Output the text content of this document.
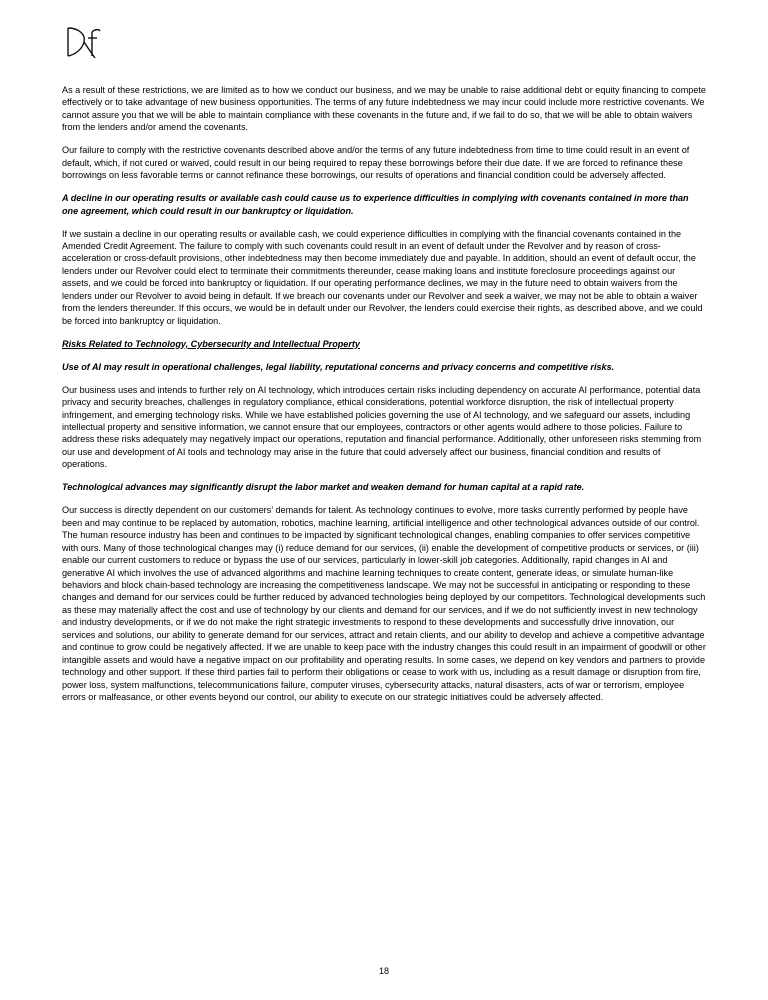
As a result of these restrictions, we are limited as to how we conduct our business, and we may be unable to raise additional debt or equity financing to compete effectively or to take advantage of new business opportunities. The terms of any future indebtedness we may incur could include more restrictive covenants. We cannot assure you that we will be able to maintain compliance with these covenants in the future and, if we fail to do so, that we will be able to obtain waivers from the lenders and/or amend the covenants.

Our failure to comply with the restrictive covenants described above and/or the terms of any future indebtedness from time to time could result in an event of default, which, if not cured or waived, could result in our being required to repay these borrowings before their due date. If we are forced to refinance these borrowings on less favorable terms or cannot refinance these borrowings, our results of operations and financial condition could be adversely affected.

A decline in our operating results or available cash could cause us to experience difficulties in complying with covenants contained in more than one agreement, which could result in our bankruptcy or liquidation.

If we sustain a decline in our operating results or available cash, we could experience difficulties in complying with the financial covenants contained in the Amended Credit Agreement. The failure to comply with such covenants could result in an event of default under the Revolver and by reason of cross-acceleration or cross-default provisions, other indebtedness may then become immediately due and payable. In addition, should an event of default occur, the lenders under our Revolver could elect to terminate their commitments thereunder, cease making loans and institute foreclosure proceedings against our assets, and we could be forced into bankruptcy or liquidation. If our operating performance declines, we may in the future need to obtain waivers from the lenders under our Revolver to avoid being in default. If we breach our covenants under our Revolver and seek a waiver, we may not be able to obtain a waiver from the lenders thereunder. If this occurs, we would be in default under our Revolver, the lenders could exercise their rights, as described above, and we could be forced into bankruptcy or liquidation.

Risks Related to Technology, Cybersecurity and Intellectual Property

Use of AI may result in operational challenges, legal liability, reputational concerns and privacy concerns and competitive risks.

Our business uses and intends to further rely on AI technology, which introduces certain risks including dependency on accurate AI performance, potential data privacy and security breaches, challenges in regulatory compliance, ethical considerations, potential workforce disruption, the risk of intellectual property infringement, and emerging technology risks. While we have established policies governing the use of AI technology, and we safeguard our assets, including intellectual property and sensitive information, we cannot ensure that our employees, contractors or other agents would adhere to those policies. Failure to address these risks adequately may negatively impact our operations, reputation and financial performance. Additionally, other unforeseen risks stemming from our use and development of AI tools and technology may arise in the future that could adversely affect our business, financial condition and results of operations.

Technological advances may significantly disrupt the labor market and weaken demand for human capital at a rapid rate.

Our success is directly dependent on our customers’ demands for talent. As technology continues to evolve, more tasks currently performed by people have been and may continue to be replaced by automation, robotics, machine learning, artificial intelligence and other technological advances outside of our control. The human resource industry has been and continues to be impacted by significant technological changes, enabling companies to offer services competitive with ours. Many of those technological changes may (i) reduce demand for our services, (ii) enable the development of competitive products or services, or (iii) enable our current customers to reduce or bypass the use of our services, particularly in lower-skill job categories. Additionally, rapid changes in AI and generative AI which involves the use of advanced algorithms and machine learning techniques to create content, generate ideas, or simulate human-like behaviors and block chain-based technology are increasing the competitiveness landscape. We may not be successful in anticipating or responding to these changes and demand for our services could be further reduced by advanced technologies being deployed by our competitors. Technological developments such as these may materially affect the cost and use of technology by our clients and demand for our services, and if we do not sufficiently invest in new technology and industry developments, or if we do not make the right strategic investments to respond to these developments and successfully drive innovation, our services and solutions, our ability to generate demand for our services, attract and retain clients, and our ability to develop and achieve a competitive advantage and continue to grow could be negatively affected. If we are unable to keep pace with the industry changes this could result in an impairment of goodwill or other intangible assets and would have a negative impact on our profitability and operating results. In some cases, we depend on key vendors and partners to provide technology and other support. If these third parties fail to perform their obligations or cease to work with us, including as a result damage or disruption from fire, power loss, system malfunctions, telecommunications failure, computer viruses, cybersecurity attacks, natural disasters, acts of war or terrorism, employee errors or malfeasance, or other events beyond our control, our ability to execute on our strategic initiatives could be adversely affected.

18
